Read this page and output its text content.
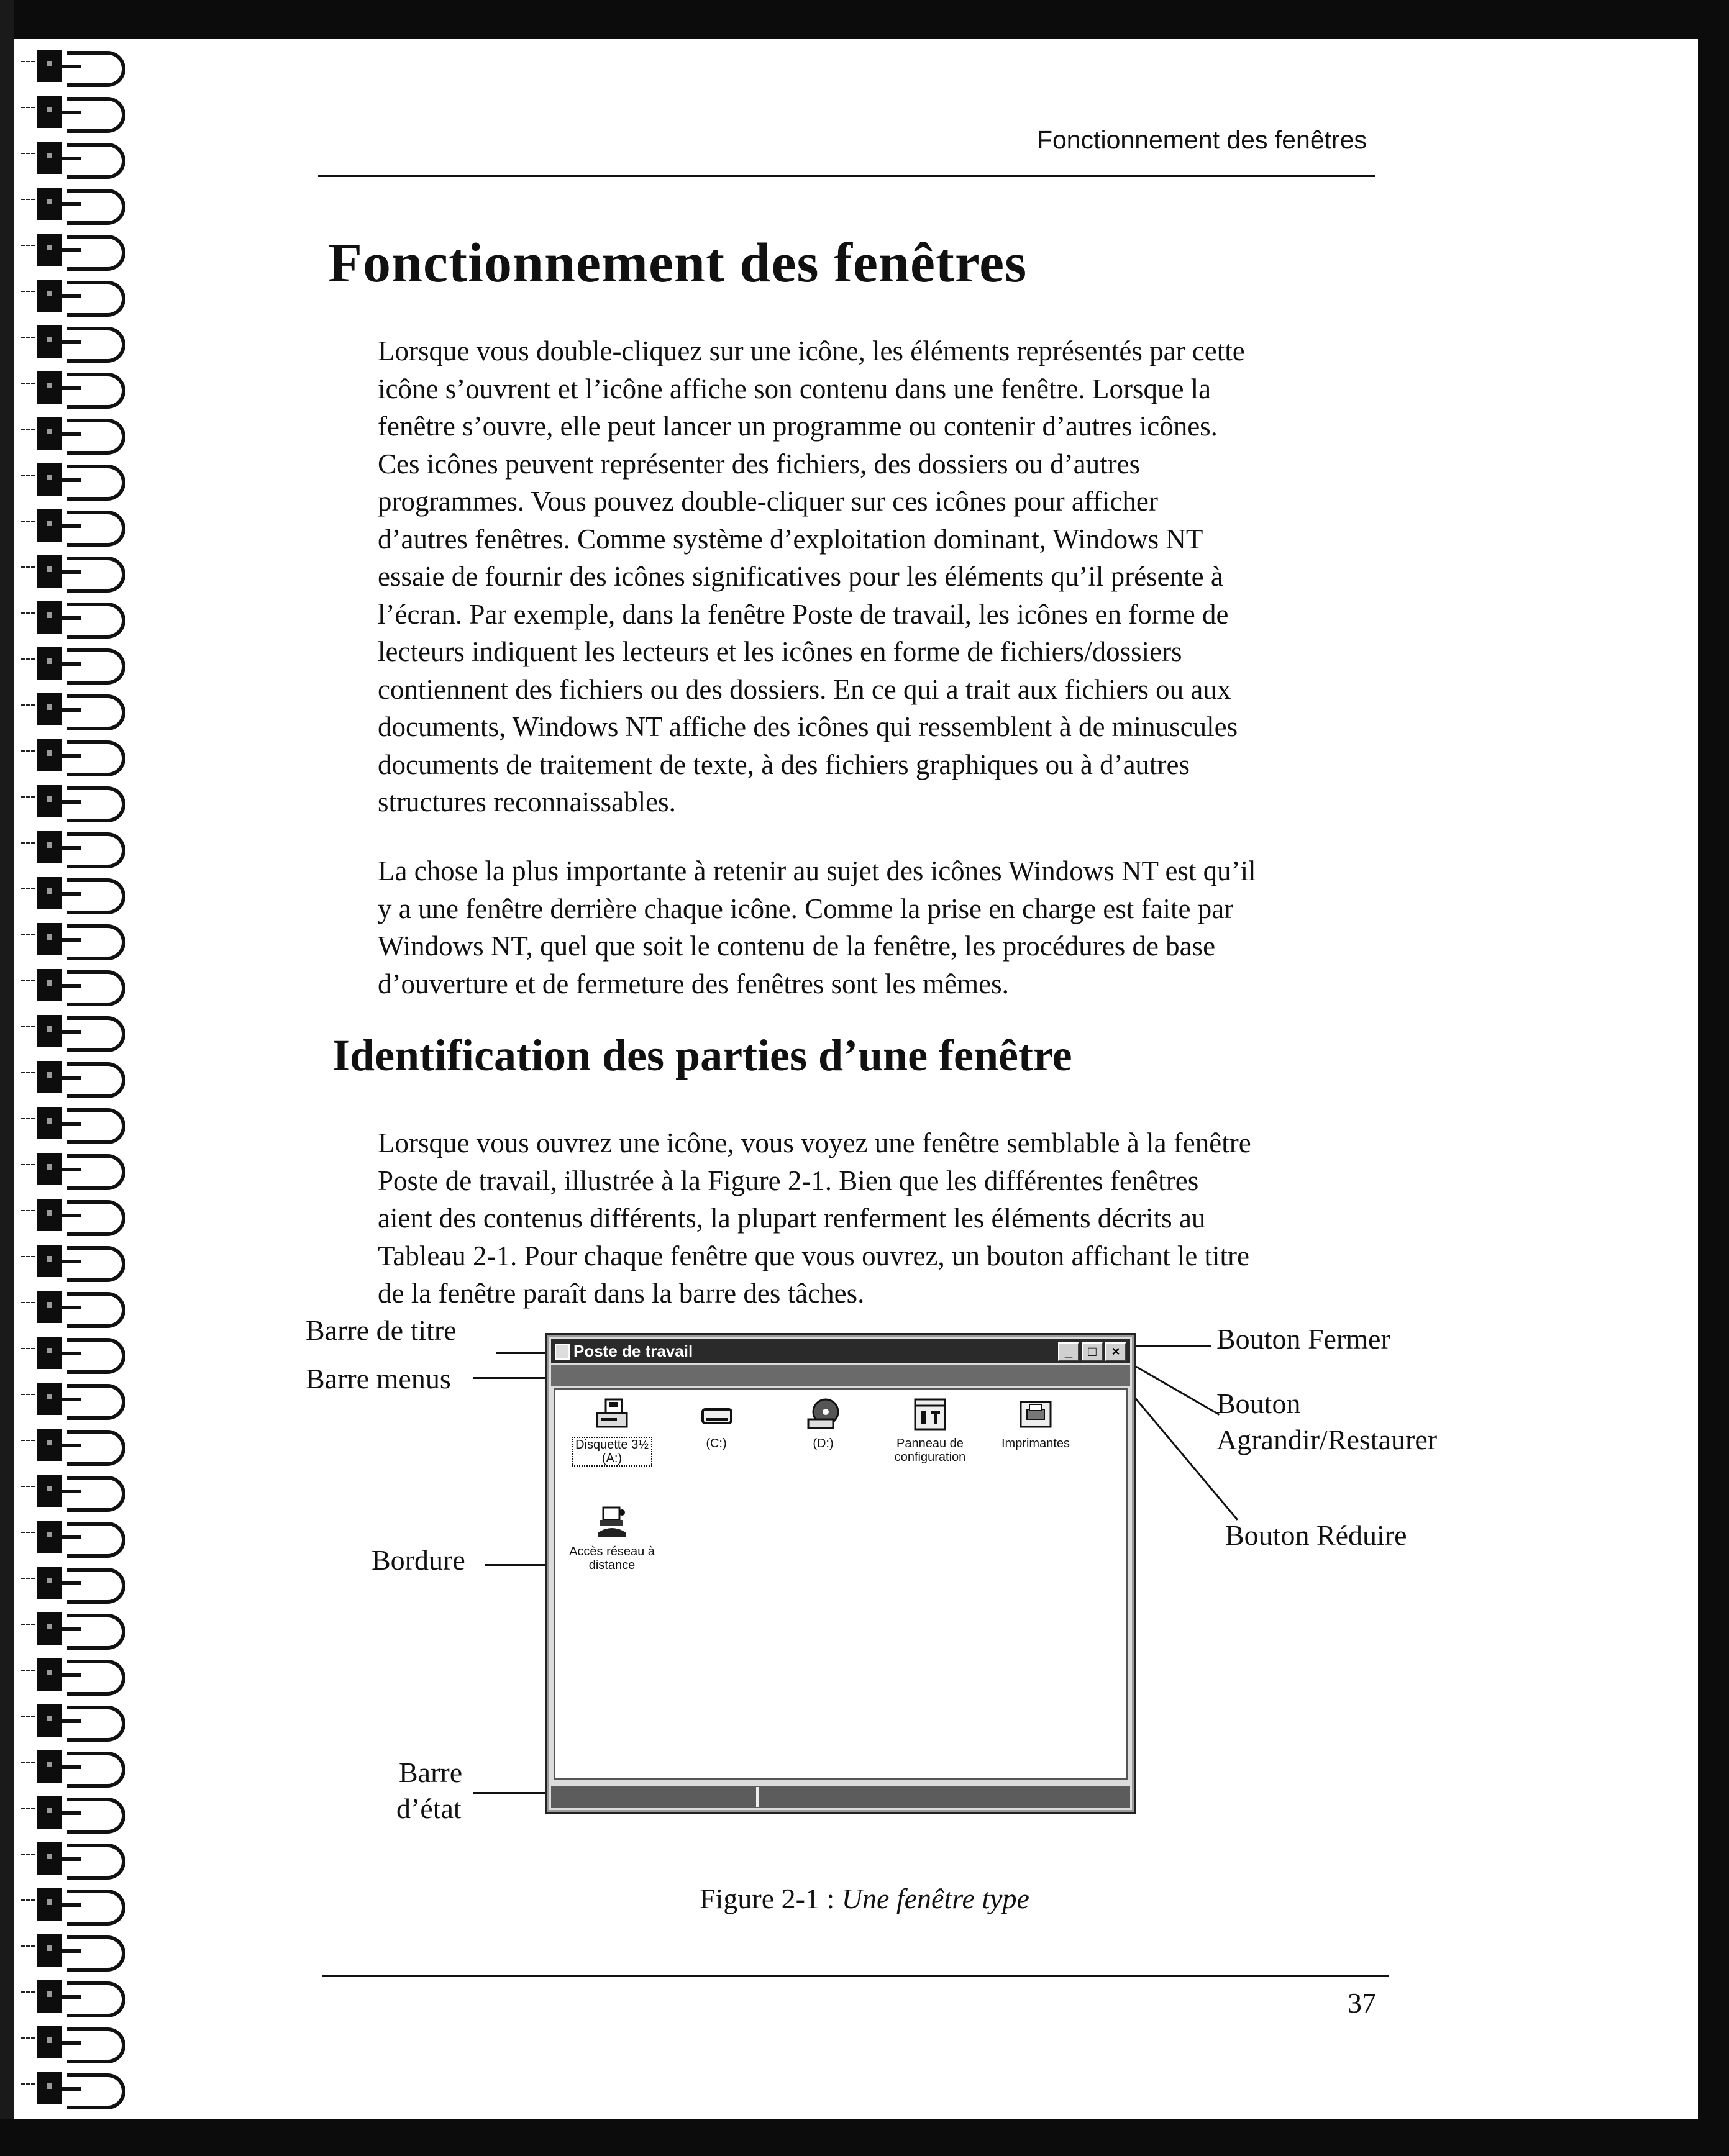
Fonctionnement des fenêtres
Fonctionnement des fenêtres

Lorsque vous double-cliquez sur une icône, les éléments représentés par cette
icône s’ouvrent et l’icône affiche son contenu dans une fenêtre. Lorsque la
fenêtre s’ouvre, elle peut lancer un programme ou contenir d’autres icônes.
Ces icônes peuvent représenter des fichiers, des dossiers ou d’autres
programmes. Vous pouvez double-cliquer sur ces icônes pour afficher
d’autres fenêtres. Comme système d’exploitation dominant, Windows NT
essaie de fournir des icônes significatives pour les éléments qu’il présente à
l’écran. Par exemple, dans la fenêtre Poste de travail, les icônes en forme de
lecteurs indiquent les lecteurs et les icônes en forme de fichiers/dossiers
contiennent des fichiers ou des dossiers. En ce qui a trait aux fichiers ou aux
documents, Windows NT affiche des icônes qui ressemblent à de minuscules
documents de traitement de texte, à des fichiers graphiques ou à d’autres
structures reconnaissables.

La chose la plus importante à retenir au sujet des icônes Windows NT est qu’il
y a une fenêtre derrière chaque icône. Comme la prise en charge est faite par
Windows NT, quel que soit le contenu de la fenêtre, les procédures de base
d’ouverture et de fermeture des fenêtres sont les mêmes.

Identification des parties d’une fenêtre

Lorsque vous ouvrez une icône, vous voyez une fenêtre semblable à la fenêtre
Poste de travail, illustrée à la Figure 2-1. Bien que les différentes fenêtres
aient des contenus différents, la plupart renferment les éléments décrits au
Tableau 2-1. Pour chaque fenêtre que vous ouvrez, un bouton affichant le titre
de la fenêtre paraît dans la barre des tâches.

Barre de titre
Barre menus
Bordure
Barre
d’état
Bouton Fermer
Bouton
Agrandir/Restaurer
Bouton Réduire
Poste de travail	_	□	×
Disquette 3½
(A:)
(C:)	(D:)	Panneau de
configuration
Imprimantes
Accès réseau à
distance
Figure 2-1 : Une fenêtre type
37
